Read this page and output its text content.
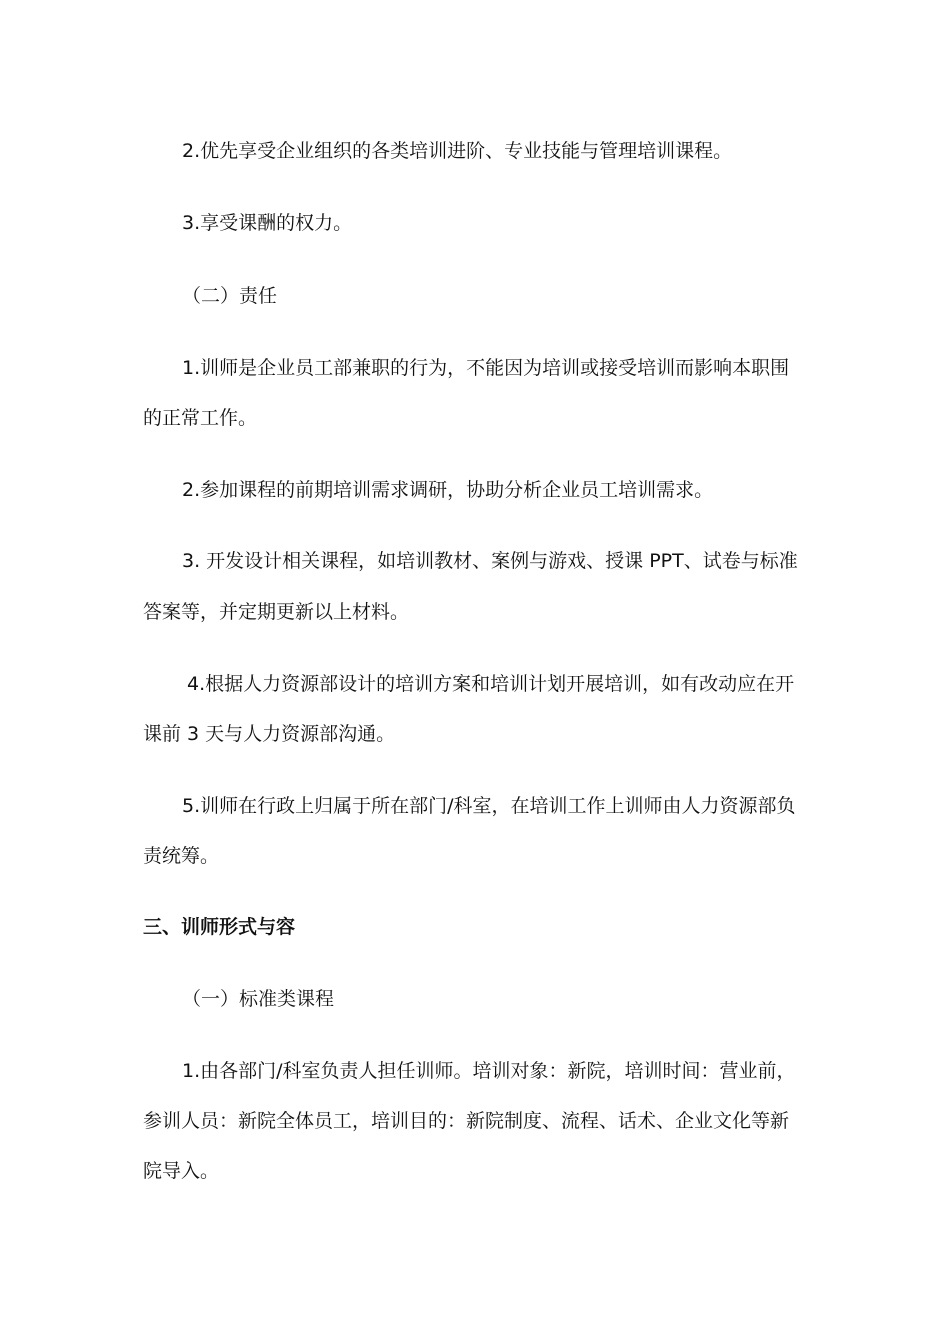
2.优先享受企业组织的各类培训进阶、专业技能与管理培训课程。
3.享受课酬的权力。
（二）责任
1.训师是企业员工部兼职的行为，不能因为培训或接受培训而影响本职围
的正常工作。
2.参加课程的前期培训需求调研，协助分析企业员工培训需求。
3. 开发设计相关课程，如培训教材、案例与游戏、授课 PPT、试卷与标准
答案等，并定期更新以上材料。
4.根据人力资源部设计的培训方案和培训计划开展培训，如有改动应在开
课前 3 天与人力资源部沟通。
5.训师在行政上归属于所在部门/科室，在培训工作上训师由人力资源部负
责统筹。
三、训师形式与容
（一）标准类课程
1.由各部门/科室负责人担任训师。培训对象：新院，培训时间：营业前，
参训人员：新院全体员工，培训目的：新院制度、流程、话术、企业文化等新
院导入。
